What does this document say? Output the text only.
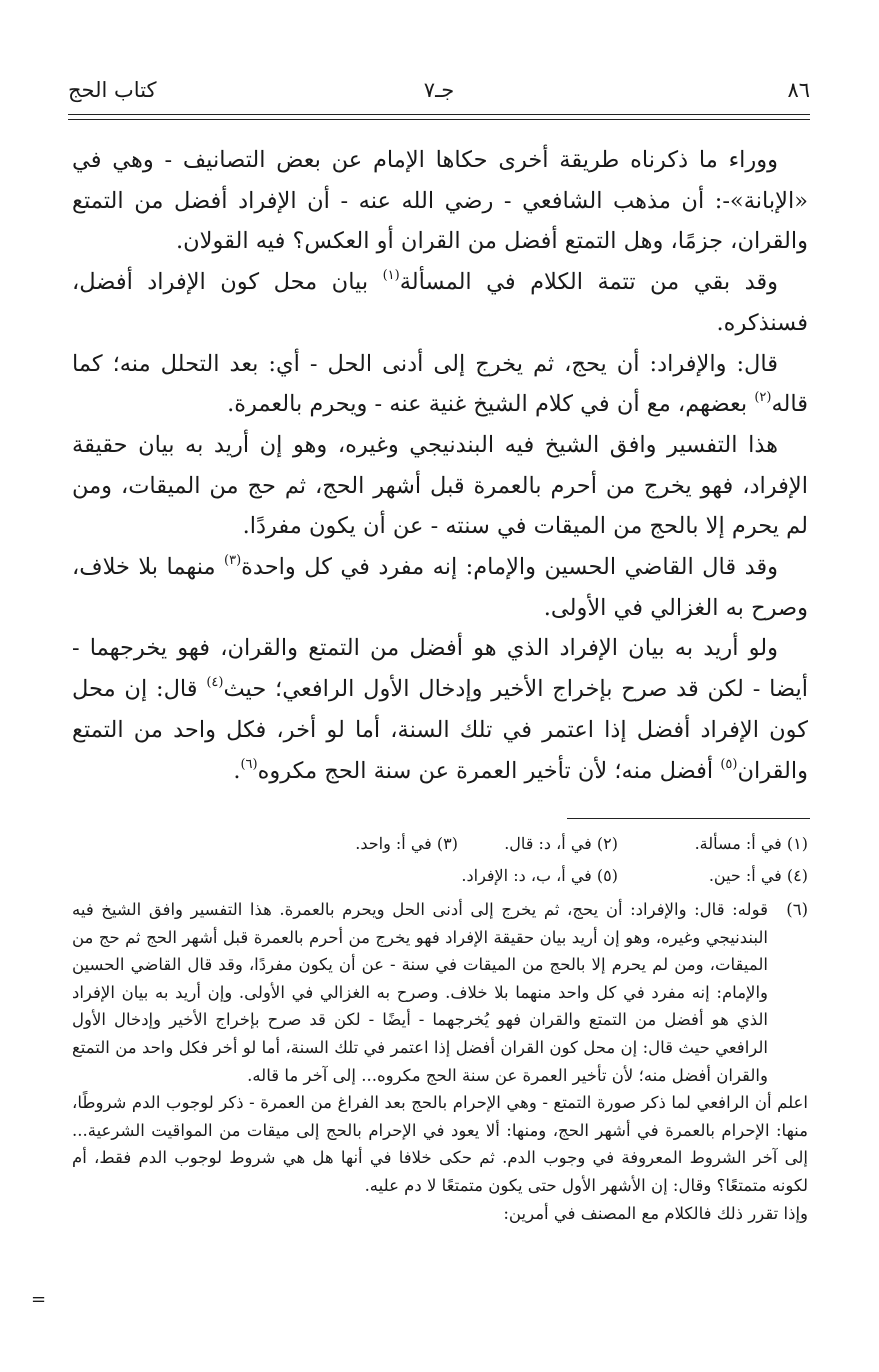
٨٦
جـ٧
كتاب الحج

ووراء ما ذكرناه طريقة أخرى حكاها الإمام عن بعض التصانيف - وهي في «الإبانة»-: أن مذهب الشافعي - رضي الله عنه - أن الإفراد أفضل من التمتع والقران، جزمًا، وهل التمتع أفضل من القران أو العكس؟ فيه القولان.

وقد بقي من تتمة الكلام في المسألة$^{(١)}$ بيان محل كون الإفراد أفضل، فسنذكره.

قال: والإفراد: أن يحج، ثم يخرج إلى أدنى الحل - أي: بعد التحلل منه؛ كما قاله$^{(٢)}$ بعضهم، مع أن في كلام الشيخ غنية عنه - ويحرم بالعمرة.

هذا التفسير وافق الشيخ فيه البندنيجي وغيره، وهو إن أريد به بيان حقيقة الإفراد، فهو يخرج من أحرم بالعمرة قبل أشهر الحج، ثم حج من الميقات، ومن لم يحرم إلا بالحج من الميقات في سنته - عن أن يكون مفردًا.

وقد قال القاضي الحسين والإمام: إنه مفرد في كل واحدة$^{(٣)}$ منهما بلا خلاف، وصرح به الغزالي في الأولى.

ولو أريد به بيان الإفراد الذي هو أفضل من التمتع والقران، فهو يخرجهما - أيضا - لكن قد صرح بإخراج الأخير وإدخال الأول الرافعي؛ حيث$^{(٤)}$ قال: إن محل كون الإفراد أفضل إذا اعتمر في تلك السنة، أما لو أخر، فكل واحد من التمتع والقران$^{(٥)}$ أفضل منه؛ لأن تأخير العمرة عن سنة الحج مكروه$^{(٦)}$.

(١) في أ: مسألة.
(٢) في أ، د: قال.
(٣) في أ: واحد.
(٤) في أ: حين.
(٥) في أ، ب، د: الإفراد.
(٦)

قوله: قال: والإفراد: أن يحج، ثم يخرج إلى أدنى الحل ويحرم بالعمرة. هذا التفسير وافق الشيخ فيه البندنيجي وغيره، وهو إن أريد بيان حقيقة الإفراد فهو يخرج من أحرم بالعمرة قبل أشهر الحج ثم حج من الميقات، ومن لم يحرم إلا بالحج من الميقات في سنة - عن أن يكون مفردًا، وقد قال القاضي الحسين والإمام: إنه مفرد في كل واحد منهما بلا خلاف. وصرح به الغزالي في الأولى. وإن أريد به بيان الإفراد الذي هو أفضل من التمتع والقران فهو يُخرجهما - أيضًا - لكن قد صرح بإخراج الأخير وإدخال الأول الرافعي حيث قال: إن محل كون القران أفضل إذا اعتمر في تلك السنة، أما لو أخر فكل واحد من التمتع والقران أفضل منه؛ لأن تأخير العمرة عن سنة الحج مكروه... إلى آخر ما قاله.

اعلم أن الرافعي لما ذكر صورة التمتع - وهي الإحرام بالحج بعد الفراغ من العمرة - ذكر لوجوب الدم شروطًا، منها: الإحرام بالعمرة في أشهر الحج، ومنها: ألا يعود في الإحرام بالحج إلى ميقات من المواقيت الشرعية... إلى آخر الشروط المعروفة في وجوب الدم. ثم حكى خلافا في أنها هل هي شروط لوجوب الدم فقط، أم لكونه متمتعًا؟ وقال: إن الأشهر الأول حتى يكون متمتعًا لا دم عليه.

وإذا تقرر ذلك فالكلام مع المصنف في أمرين:

=
